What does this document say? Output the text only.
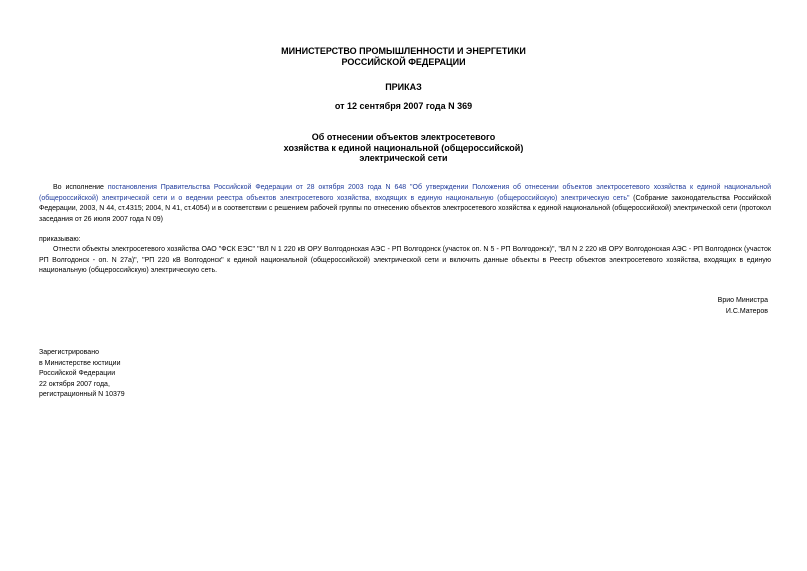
МИНИСТЕРСТВО ПРОМЫШЛЕННОСТИ И ЭНЕРГЕТИКИ
РОССИЙСКОЙ ФЕДЕРАЦИИ
ПРИКАЗ
от 12 сентября 2007 года N 369
Об отнесении объектов электросетевого
хозяйства к единой национальной (общероссийской)
электрической сети
Во исполнение постановления Правительства Российской Федерации от 28 октября 2003 года N 648 "Об утверждении Положения об отнесении объектов электросетевого хозяйства к единой национальной (общероссийской) электрической сети и о ведении реестра объектов электросетевого хозяйства, входящих в единую национальную (общероссийскую) электрическую сеть" (Собрание законодательства Российской Федерации, 2003, N 44, ст.4315; 2004, N 41, ст.4054) и в соответствии с решением рабочей группы по отнесению объектов электросетевого хозяйства к единой национальной (общероссийской) электрической сети (протокол заседания от 26 июля 2007 года N 09)
приказываю:
Отнести объекты электросетевого хозяйства ОАО "ФСК ЕЭС" "ВЛ N 1 220 кВ ОРУ Волгодонская АЭС - РП Волгодонск (участок оп. N 5 - РП Волгодонск)", "ВЛ N 2 220 кВ ОРУ Волгодонская АЭС - РП Волгодонск (участок РП Волгодонск - оп. N 27а)", "РП 220 кВ Волгодонск" к единой национальной (общероссийской) электрической сети и включить данные объекты в Реестр объектов электросетевого хозяйства, входящих в единую национальную (общероссийскую) электрическую сеть.
Врио Министра
И.С.Матеров
Зарегистрировано
в Министерстве юстиции
Российской Федерации
22 октября 2007 года,
регистрационный N 10379
